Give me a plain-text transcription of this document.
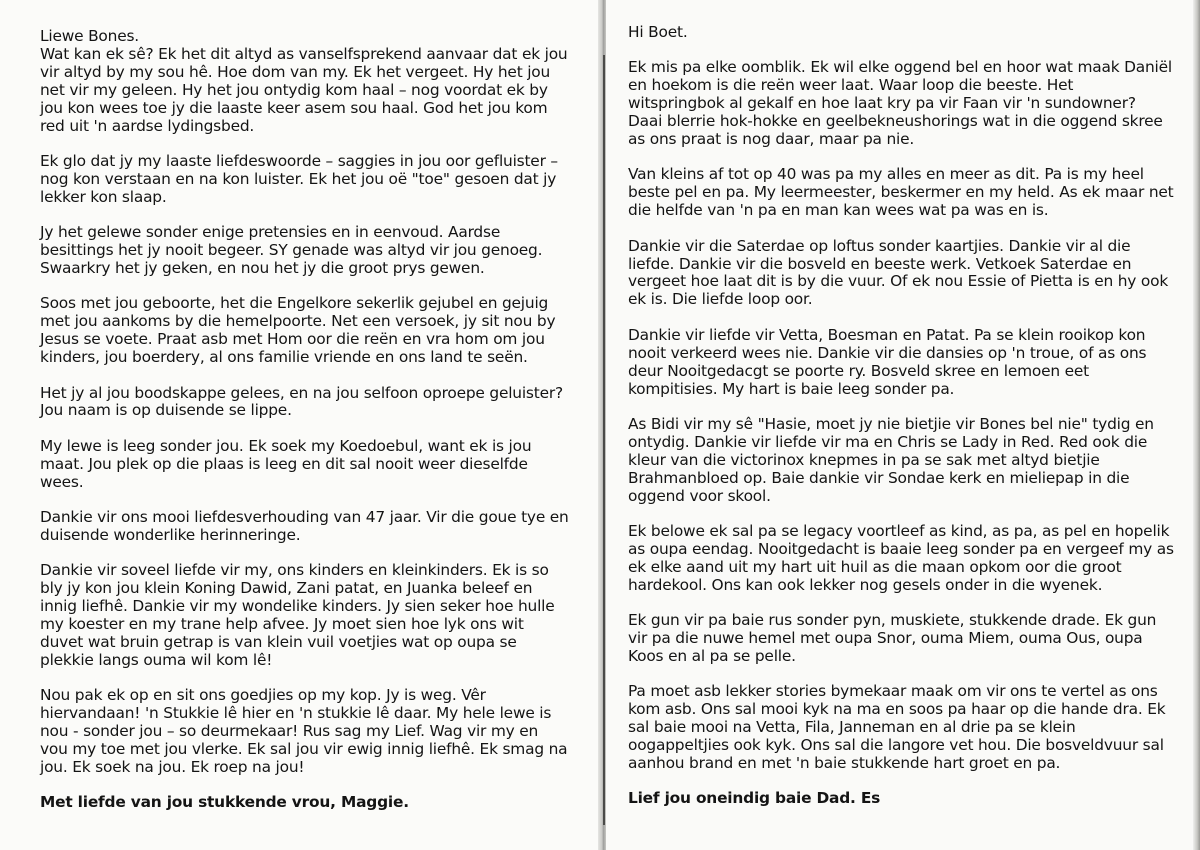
Liewe Bones.

Wat kan ek sê? Ek het dit altyd as vanselfsprekend aanvaar dat ek jou vir altyd by my sou hê. Hoe dom van my. Ek het vergeet. Hy het jou net vir my geleen. Hy het jou ontydig kom haal – nog voordat ek by jou kon wees toe jy die laaste keer asem sou haal. God het jou kom red uit 'n aardse lydingsbed.

Ek glo dat jy my laaste liefdeswoorde – saggies in jou oor gefluister – nog kon verstaan en na kon luister. Ek het jou oë "toe" gesoen dat jy lekker kon slaap.

Jy het gelewe sonder enige pretensies en in eenvoud. Aardse besittings het jy nooit begeer. SY genade was altyd vir jou genoeg. Swaarkry het jy geken, en nou het jy die groot prys gewen.

Soos met jou geboorte, het die Engelkore sekerlik gejubel en gejuig met jou aankoms by die hemelpoorte. Net een versoek, jy sit nou by Jesus se voete. Praat asb met Hom oor die reën en vra hom om jou kinders, jou boerdery, al ons familie vriende en ons land te seën.

Het jy al jou boodskappe gelees, en na jou selfoon oproepe geluister? Jou naam is op duisende se lippe.

My lewe is leeg sonder jou. Ek soek my Koedoebul, want ek is jou maat. Jou plek op die plaas is leeg en dit sal nooit weer dieselfde wees.

Dankie vir ons mooi liefdesverhouding van 47 jaar. Vir die goue tye en duisende wonderlike herinneringe.

Dankie vir soveel liefde vir my, ons kinders en kleinkinders. Ek is so bly jy kon jou klein Koning Dawid, Zani patat, en Juanka beleef en innig liefhê. Dankie vir my wondelike kinders. Jy sien seker hoe hulle my koester en my trane help afvee. Jy moet sien hoe lyk ons wit duvet wat bruin getrap is van klein vuil voetjies wat op oupa se plekkie langs ouma wil kom lê!

Nou pak ek op en sit ons goedjies op my kop. Jy is weg. Vêr hiervandaan! 'n Stukkie lê hier en 'n stukkie lê daar. My hele lewe is nou - sonder jou – so deurmekaar! Rus sag my Lief. Wag vir my en vou my toe met jou vlerke. Ek sal jou vir ewig innig liefhê. Ek smag na jou. Ek soek na jou. Ek roep na jou!

Met liefde van jou stukkende vrou, Maggie.

Hi Boet.

Ek mis pa elke oomblik. Ek wil elke oggend bel en hoor wat maak Daniël en hoekom is die reën weer laat. Waar loop die beeste. Het witspringbok al gekalf en hoe laat kry pa vir Faan vir 'n sundowner? Daai blerrie hok-hokke en geelbekneushorings wat in die oggend skree as ons praat is nog daar, maar pa nie.

Van kleins af tot op 40 was pa my alles en meer as dit. Pa is my heel beste pel en pa. My leermeester, beskermer en my held. As ek maar net die helfde van 'n pa en man kan wees wat pa was en is.

Dankie vir die Saterdae op loftus sonder kaartjies. Dankie vir al die liefde. Dankie vir die bosveld en beeste werk. Vetkoek Saterdae en vergeet hoe laat dit is by die vuur. Of ek nou Essie of Pietta is en hy ook ek is. Die liefde loop oor.

Dankie vir liefde vir Vetta, Boesman en Patat. Pa se klein rooikop kon nooit verkeerd wees nie. Dankie vir die dansies op 'n troue, of as ons deur Nooitgedacgt se poorte ry. Bosveld skree en lemoen eet kompitisies. My hart is baie leeg sonder pa.

As Bidi vir my sê "Hasie, moet jy nie bietjie vir Bones bel nie" tydig en ontydig. Dankie vir liefde vir ma en Chris se Lady in Red. Red ook die kleur van die victorinox knepmes in pa se sak met altyd bietjie Brahmanbloed op. Baie dankie vir Sondae kerk en mieliepap in die oggend voor skool.

Ek belowe ek sal pa se legacy voortleef as kind, as pa, as pel en hopelik as oupa eendag. Nooitgedacht is baaie leeg sonder pa en vergeef my as ek elke aand uit my hart uit huil as die maan opkom oor die groot hardekool. Ons kan ook lekker nog gesels onder in die wyenek.

Ek gun vir pa baie rus sonder pyn, muskiete, stukkende drade. Ek gun vir pa die nuwe hemel met oupa Snor, ouma Miem, ouma Ous, oupa Koos en al pa se pelle.

Pa moet asb lekker stories bymekaar maak om vir ons te vertel as ons kom asb. Ons sal mooi kyk na ma en soos pa haar op die hande dra. Ek sal baie mooi na Vetta, Fila, Janneman en al drie pa se klein oogappeltjies ook kyk. Ons sal die langore vet hou. Die bosveldvuur sal aanhou brand en met 'n baie stukkende hart groet en pa.

Lief jou oneindig baie Dad. Es
